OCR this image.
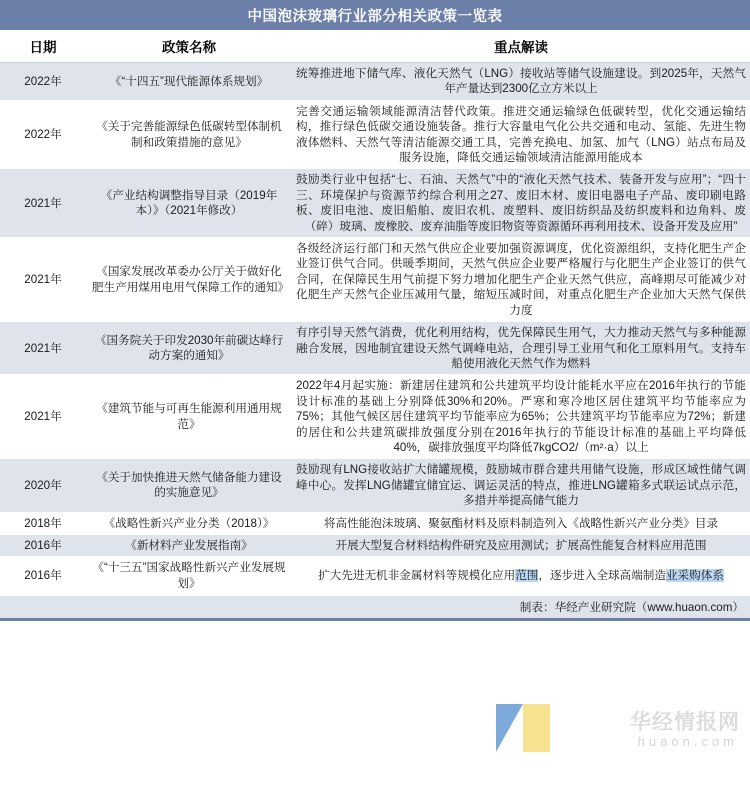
中国泡沫玻璃行业部分相关政策一览表
日期	政策名称	重点解读
2022年	《“十四五”现代能源体系规划》	统筹推进地下储气库、液化天然气（LNG）接收站等储气设施建设。到2025年，天然气年产量达到2300亿立方米以上
2022年	《关于完善能源绿色低碳转型体制机制和政策措施的意见》	完善交通运输领域能源清洁替代政策。推进交通运输绿色低碳转型，优化交通运输结构，推行绿色低碳交通设施装备。推行大容量电气化公共交通和电动、氢能、先进生物液体燃料、天然气等清洁能源交通工具，完善充换电、加氢、加气（LNG）站点布局及服务设施，降低交通运输领域清洁能源用能成本
2021年	《产业结构调整指导目录（2019年本）》（2021年修改）	鼓励类行业中包括“七、石油、天然气”中的“液化天然气技术、装备开发与应用”；“四十三、环境保护与资源节约综合利用之27、废旧木材、废旧电器电子产品、废印刷电路板、废旧电池、废旧船舶、废旧农机、废塑料、废旧纺织品及纺织废料和边角料、废（碎）玻璃、废橡胶、废弃油脂等废旧物资等资源循环再利用技术、设备开发及应用”
2021年	《国家发展改革委办公厅关于做好化肥生产用煤用电用气保障工作的通知》	各级经济运行部门和天然气供应企业要加强资源调度，优化资源组织，支持化肥生产企业签订供气合同。供暖季期间，天然气供应企业要严格履行与化肥生产企业签订的供气合同，在保障民生用气前提下努力增加化肥生产企业天然气供应，高峰期尽可能减少对化肥生产天然气企业压减用气量，缩短压减时间，对重点化肥生产企业加大天然气保供力度
2021年	《国务院关于印发2030年前碳达峰行动方案的通知》	有序引导天然气消费，优化利用结构，优先保障民生用气，大力推动天然气与多种能源融合发展，因地制宜建设天然气调峰电站，合理引导工业用气和化工原料用气。支持车船使用液化天然气作为燃料
2021年	《建筑节能与可再生能源利用通用规范》	2022年4月起实施：新建居住建筑和公共建筑平均设计能耗水平应在2016年执行的节能设计标准的基础上分别降低30%和20%。严寒和寒冷地区居住建筑平均节能率应为75%；其他气候区居住建筑平均节能率应为65%；公共建筑平均节能率应为72%；新建的居住和公共建筑碳排放强度分别在2016年执行的节能设计标准的基础上平均降低40%，碳排放强度平均降低7kgCO2/（m²·a）以上
2020年	《关于加快推进天然气储备能力建设的实施意见》	鼓励现有LNG接收站扩大储罐规模，鼓励城市群合建共用储气设施，形成区域性储气调峰中心。发挥LNG储罐宜储宜运、调运灵活的特点，推进LNG罐箱多式联运试点示范，多措并举提高储气能力
2018年	《战略性新兴产业分类（2018）》	将高性能泡沫玻璃、聚氨酯材料及原料制造列入《战略性新兴产业分类》目录
2016年	《新材料产业发展指南》	开展大型复合材料结构件研究及应用测试；扩展高性能复合材料应用范围
2016年	《“十三五”国家战略性新兴产业发展规划》	扩大先进无机非金属材料等规模化应用范围，逐步进入全球高端制造业采购体系
制表：华经产业研究院（www.huaon.com）
华经情报网
huaon.com
